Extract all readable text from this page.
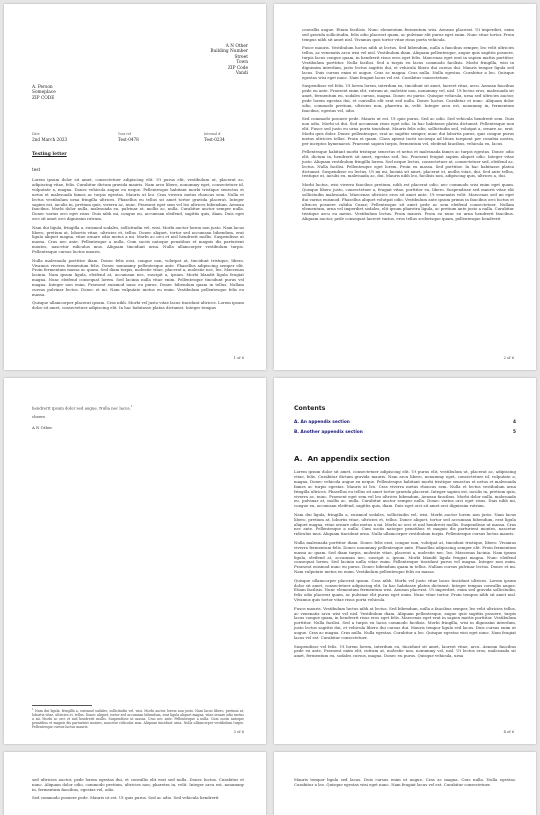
A N Other
Building Number
Street
Town
ZIP Code
Vandi
A. Person
Someplace
ZIP CODE
Date
2nd March 2023
Your ref
Test-0478
Internal #
Test-0234
Testing letter
test

Lorem ipsum dolor sit amet, consectetuer adipiscing elit. Ut purus elit, vestibulum ut, placerat ac, adipiscing vitae, felis. Curabitur dictum gravida mauris. Nam arcu libero, nonummy eget, consectetuer id, vulputate a, magna. Donec vehicula augue eu neque. Pellentesque habitant morbi tristique senectus et netus et malesuada fames ac turpis egestas. Mauris ut leo. Cras viverra metus rhoncus sem. Nulla et lectus vestibulum urna fringilla ultrices. Phasellus eu tellus sit amet tortor gravida placerat. Integer sapien est, iaculis in, pretium quis, viverra ac, nunc. Praesent eget sem vel leo ultrices bibendum. Aenean faucibus. Morbi dolor nulla, malesuada eu, pulvinar at, mollis ac, nulla. Curabitur auctor semper nulla. Donec varius orci eget risus. Duis nibh mi, congue eu, accumsan eleifend, sagittis quis, diam. Duis eget orci sit amet orci dignissim rutrum.

Nam dui ligula, fringilla a, euismod sodales, sollicitudin vel, wisi. Morbi auctor lorem non justo. Nam lacus libero, pretium at, lobortis vitae, ultricies et, tellus. Donec aliquet, tortor sed accumsan bibendum, erat ligula aliquet magna, vitae ornare odio metus a mi. Morbi ac orci et nisl hendrerit mollis. Suspendisse ut massa. Cras nec ante. Pellentesque a nulla. Cum sociis natoque penatibus et magnis dis parturient montes, nascetur ridiculus mus. Aliquam tincidunt urna. Nulla ullamcorper vestibulum turpis. Pellentesque cursus luctus mauris.

Nulla malesuada porttitor diam. Donec felis erat, congue non, volutpat at, tincidunt tristique, libero. Vivamus viverra fermentum felis. Donec nonummy pellentesque ante. Phasellus adipiscing semper elit. Proin fermentum massa ac quam. Sed diam turpis, molestie vitae, placerat a, molestie nec, leo. Maecenas lacinia. Nam ipsum ligula, eleifend at, accumsan nec, suscipit a, ipsum. Morbi blandit ligula feugiat magna. Nunc eleifend consequat lorem. Sed lacinia nulla vitae enim. Pellentesque tincidunt purus vel magna. Integer non enim. Praesent euismod nunc eu purus. Donec bibendum quam in tellus. Nullam cursus pulvinar lectus. Donec et mi. Nam vulputate metus eu enim. Vestibulum pellentesque felis eu massa.

Quisque ullamcorper placerat ipsum. Cras nibh. Morbi vel justo vitae lacus tincidunt ultrices. Lorem ipsum dolor sit amet, consectetuer adipiscing elit. In hac habitasse platea dictumst. Integer tempus

1 of 6

convallis augue. Etiam facilisis. Nunc elementum fermentum wisi. Aenean placerat. Ut imperdiet, enim sed gravida sollicitudin, felis odio placerat quam, ac pulvinar elit purus eget enim. Nunc vitae tortor. Proin tempus nibh sit amet nisl. Vivamus quis tortor vitae risus porta vehicula.

Fusce mauris. Vestibulum luctus nibh at lectus. Sed bibendum, nulla a faucibus semper, leo velit ultricies tellus, ac venenatis arcu wisi vel nisl. Vestibulum diam. Aliquam pellentesque, augue quis sagittis posuere, turpis lacus congue quam, in hendrerit risus eros eget felis. Maecenas eget erat in sapien mattis porttitor. Vestibulum porttitor. Nulla facilisi. Sed a turpis eu lacus commodo facilisis. Morbi fringilla, wisi in dignissim interdum, justo lectus sagittis dui, et vehicula libero dui cursus dui. Mauris tempor ligula sed lacus. Duis cursus enim ut augue. Cras ac magna. Cras nulla. Nulla egestas. Curabitur a leo. Quisque egestas wisi eget nunc. Nam feugiat lacus vel est. Curabitur consectetuer.

Suspendisse vel felis. Ut lorem lorem, interdum eu, tincidunt sit amet, laoreet vitae, arcu. Aenean faucibus pede eu ante. Praesent enim elit, rutrum at, molestie non, nonummy vel, nisl. Ut lectus eros, malesuada sit amet, fermentum eu, sodales cursus, magna. Donec eu purus. Quisque vehicula, urna sed ultricies auctor, pede lorem egestas dui, et convallis elit erat sed nulla. Donec luctus. Curabitur et nunc. Aliquam dolor odio, commodo pretium, ultricies non, pharetra in, velit. Integer arcu est, nonummy in, fermentum faucibus, egestas vel, odio.

Sed commodo posuere pede. Mauris ut est. Ut quis purus. Sed ac odio. Sed vehicula hendrerit sem. Duis non odio. Morbi ut dui. Sed accumsan risus eget odio. In hac habitasse platea dictumst. Pellentesque non elit. Fusce sed justo eu urna porta tincidunt. Mauris felis odio, sollicitudin sed, volutpat a, ornare ac, erat. Morbi quis dolor. Donec pellentesque, erat ac sagittis semper, nunc dui lobortis purus, quis congue purus metus ultricies tellus. Proin et quam. Class aptent taciti sociosqu ad litora torquent per conubia nostra, per inceptos hymenaeos. Praesent sapien turpis, fermentum vel, eleifend faucibus, vehicula eu, lacus.

Pellentesque habitant morbi tristique senectus et netus et malesuada fames ac turpis egestas. Donec odio elit, dictum in, hendrerit sit amet, egestas sed, leo. Praesent feugiat sapien aliquet odio. Integer vitae justo. Aliquam vestibulum fringilla lorem. Sed neque lectus, consectetuer at, consectetuer sed, eleifend ac, lectus. Nulla facilisi. Pellentesque eget lorem. Proin eu massa. Sed porttitor. In hac habitasse platea dictumst. Suspendisse eu lectus. Ut mi mi, lacinia sit amet, placerat et, mollis vitae, dui. Sed ante tellus, tristique ut, iaculis eu, malesuada ac, dui. Mauris nibh leo, facilisis non, adipiscing quis, ultrices a, dui.

Morbi luctus, wisi viverra faucibus pretium, nibh est placerat odio, nec commodo wisi enim eget quam. Quisque libero justo, consectetuer a, feugiat vitae, porttitor eu, libero. Suspendisse sed mauris vitae elit sollicitudin malesuada. Maecenas ultricies eros sit amet ante. Ut venenatis velit. Maecenas sed mi eget dui varius euismod. Phasellus aliquet volutpat odio. Vestibulum ante ipsum primis in faucibus orci luctus et ultrices posuere cubilia Curae; Pellentesque sit amet pede ac sem eleifend consectetuer. Nullam elementum, urna vel imperdiet sodales, elit ipsum pharetra ligula, ac pretium ante justo a nulla. Curabitur tristique arcu eu metus. Vestibulum lectus. Proin mauris. Proin eu nunc eu urna hendrerit faucibus. Aliquam auctor, pede consequat laoreet varius, eros tellus scelerisque quam, pellentesque hendrerit

2 of 6

hendrerit ipsum dolor sed augue. Nulla nec lacus.$^1$

cheers

A N Other

$^1$ Nam dui ligula, fringilla a, euismod sodales, sollicitudin vel, wisi. Morbi auctor lorem non justo. Nam lacus libero, pretium at, lobortis vitae, ultricies et, tellus. Donec aliquet, tortor sed accumsan bibendum, erat ligula aliquet magna, vitae ornare odio metus a mi. Morbi ac orci et nisl hendrerit mollis. Suspendisse ut massa. Cras nec ante. Pellentesque a nulla. Cum sociis natoque penatibus et magnis dis parturient montes, nascetur ridiculus mus. Aliquam tincidunt urna. Nulla ullamcorper vestibulum turpis. Pellentesque cursus luctus mauris.
3 of 6
Contents
A. An appendix section	4
B. Another appendix section	5
A. An appendix section

Lorem ipsum dolor sit amet, consectetuer adipiscing elit. Ut purus elit, vestibulum ut, placerat ac, adipiscing vitae, felis. Curabitur dictum gravida mauris. Nam arcu libero, nonummy eget, consectetuer id, vulputate a, magna. Donec vehicula augue eu neque. Pellentesque habitant morbi tristique senectus et netus et malesuada fames ac turpis egestas. Mauris ut leo. Cras viverra metus rhoncus sem. Nulla et lectus vestibulum urna fringilla ultrices. Phasellus eu tellus sit amet tortor gravida placerat. Integer sapien est, iaculis in, pretium quis, viverra ac, nunc. Praesent eget sem vel leo ultrices bibendum. Aenean faucibus. Morbi dolor nulla, malesuada eu, pulvinar at, mollis ac, nulla. Curabitur auctor semper nulla. Donec varius orci eget risus. Duis nibh mi, congue eu, accumsan eleifend, sagittis quis, diam. Duis eget orci sit amet orci dignissim rutrum.

Nam dui ligula, fringilla a, euismod sodales, sollicitudin vel, wisi. Morbi auctor lorem non justo. Nam lacus libero, pretium at, lobortis vitae, ultricies et, tellus. Donec aliquet, tortor sed accumsan bibendum, erat ligula aliquet magna, vitae ornare odio metus a mi. Morbi ac orci et nisl hendrerit mollis. Suspendisse ut massa. Cras nec ante. Pellentesque a nulla. Cum sociis natoque penatibus et magnis dis parturient montes, nascetur ridiculus mus. Aliquam tincidunt urna. Nulla ullamcorper vestibulum turpis. Pellentesque cursus luctus mauris.

Nulla malesuada porttitor diam. Donec felis erat, congue non, volutpat at, tincidunt tristique, libero. Vivamus viverra fermentum felis. Donec nonummy pellentesque ante. Phasellus adipiscing semper elit. Proin fermentum massa ac quam. Sed diam turpis, molestie vitae, placerat a, molestie nec, leo. Maecenas lacinia. Nam ipsum ligula, eleifend at, accumsan nec, suscipit a, ipsum. Morbi blandit ligula feugiat magna. Nunc eleifend consequat lorem. Sed lacinia nulla vitae enim. Pellentesque tincidunt purus vel magna. Integer non enim. Praesent euismod nunc eu purus. Donec bibendum quam in tellus. Nullam cursus pulvinar lectus. Donec et mi. Nam vulputate metus eu enim. Vestibulum pellentesque felis eu massa.

Quisque ullamcorper placerat ipsum. Cras nibh. Morbi vel justo vitae lacus tincidunt ultrices. Lorem ipsum dolor sit amet, consectetuer adipiscing elit. In hac habitasse platea dictumst. Integer tempus convallis augue. Etiam facilisis. Nunc elementum fermentum wisi. Aenean placerat. Ut imperdiet, enim sed gravida sollicitudin, felis odio placerat quam, ac pulvinar elit purus eget enim. Nunc vitae tortor. Proin tempus nibh sit amet nisl. Vivamus quis tortor vitae risus porta vehicula.

Fusce mauris. Vestibulum luctus nibh at lectus. Sed bibendum, nulla a faucibus semper, leo velit ultricies tellus, ac venenatis arcu wisi vel nisl. Vestibulum diam. Aliquam pellentesque, augue quis sagittis posuere, turpis lacus congue quam, in hendrerit risus eros eget felis. Maecenas eget erat in sapien mattis porttitor. Vestibulum porttitor. Nulla facilisi. Sed a turpis eu lacus commodo facilisis. Morbi fringilla, wisi in dignissim interdum, justo lectus sagittis dui, et vehicula libero dui cursus dui. Mauris tempor ligula sed lacus. Duis cursus enim ut augue. Cras ac magna. Cras nulla. Nulla egestas. Curabitur a leo. Quisque egestas wisi eget nunc. Nam feugiat lacus vel est. Curabitur consectetuer.

Suspendisse vel felis. Ut lorem lorem, interdum eu, tincidunt sit amet, laoreet vitae, arcu. Aenean faucibus pede eu ante. Praesent enim elit, rutrum at, molestie non, nonummy vel, nisl. Ut lectus eros, malesuada sit amet, fermentum eu, sodales cursus, magna. Donec eu purus. Quisque vehicula, urna

4 of 6

sed ultricies auctor, pede lorem egestas dui, et convallis elit erat sed nulla. Donec luctus. Curabitur et nunc. Aliquam dolor odio, commodo pretium, ultricies non, pharetra in, velit. Integer arcu est, nonummy in, fermentum faucibus, egestas vel, odio.

Sed commodo posuere pede. Mauris ut est. Ut quis purus. Sed ac odio. Sed vehicula hendrerit

Mauris tempor ligula sed lacus. Duis cursus enim ut augue. Cras ac magna. Cras nulla. Nulla egestas. Curabitur a leo. Quisque egestas wisi eget nunc. Nam feugiat lacus vel est. Curabitur consectetuer.
